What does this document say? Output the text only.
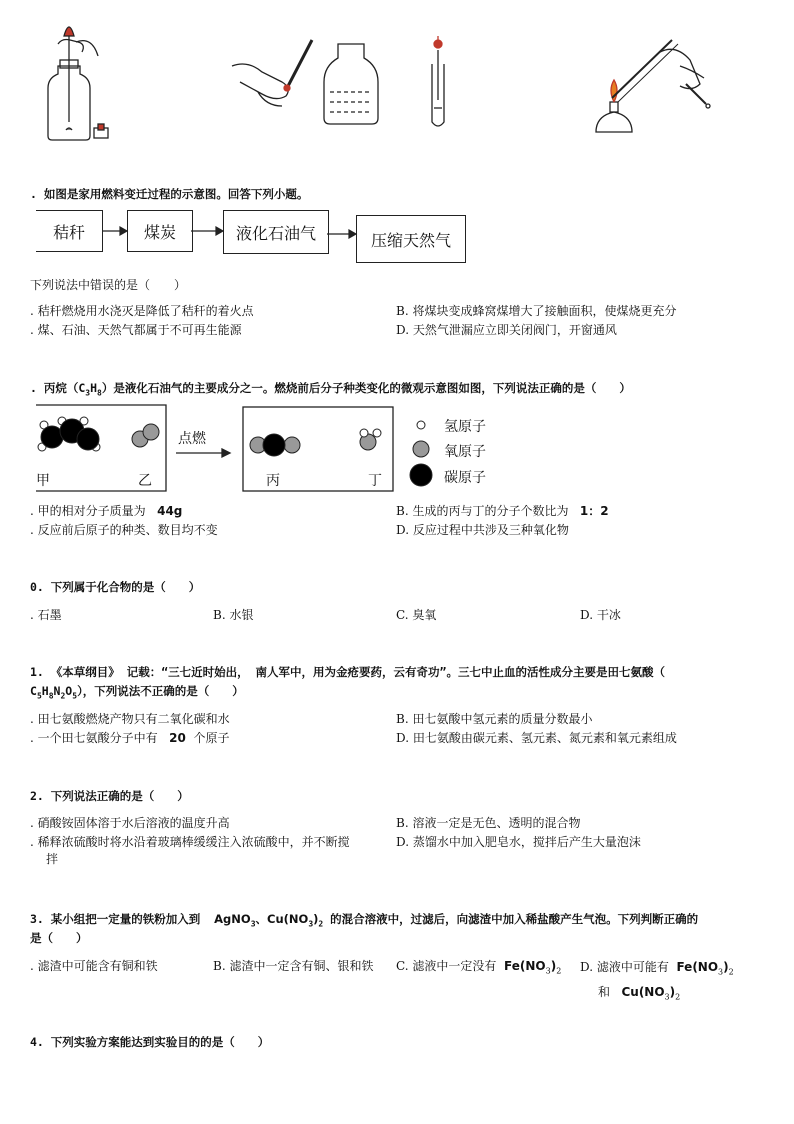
. 如图是家用燃料变迁过程的示意图。回答下列小题。
秸秆	煤炭	液化石油气	压缩天然气
下列说法中错误的是（　　）
. 秸秆燃烧用水浇灭是降低了秸秆的着火点	B. 将煤块变成蜂窝煤增大了接触面积，使煤烧更充分
. 煤、石油、天然气都属于不可再生能源	D. 天然气泄漏应立即关闭阀门，开窗通风
. 丙烷$(C_3H_8)$是液化石油气的主要成分之一。燃烧前后分子种类变化的微观示意图如图，下列说法正确的是（　　）
点燃
甲	乙	丙	丁
氢原子
氧原子
碳原子
. 甲的相对分子质量为 44g	B. 生成的丙与丁的分子个数比为 1：2
. 反应前后原子的种类、数目均不变	D. 反应过程中共涉及三种氧化物
0. 下列属于化合物的是（　　）
. 石墨	B. 水银	C. 臭氧	D. 干冰
1. 《本草纲目》 记载：“三七近时始出， 南人军中，用为金疮要药，云有奇功”。三七中止血的活性成分主要是田七氨酸（
$C_5H_8N_2O_5$），下列说法不正确的是（　　）
. 田七氨酸燃烧产物只有二氧化碳和水	B. 田七氨酸中氢元素的质量分数最小
. 一个田七氨酸分子中有 20 个原子	D. 田七氨酸由碳元素、氢元素、氮元素和氧元素组成
2. 下列说法正确的是（　　）
. 硝酸铵固体溶于水后溶液的温度升高	B. 溶液一定是无色、透明的混合物
. 稀释浓硫酸时将水沿着玻璃棒缓缓注入浓硫酸中，并不断搅
拌
D. 蒸馏水中加入肥皂水，搅拌后产生大量泡沫
3. 某小组把一定量的铁粉加入到 AgNO$_3$、$Cu(NO_3)_2$ 的混合溶液中，过滤后，向滤渣中加入稀盐酸产生气泡。下列判断正确的
是（　　）
. 滤渣中可能含有铜和铁	B. 滤渣中一定含有铜、银和铁 C. 滤液中一定没有 $Fe(NO_3)_2$ D. 滤液中可能有 $Fe(NO_3)_2$
和 $Cu(NO_3)_2$
4. 下列实验方案能达到实验目的的是（　　）
